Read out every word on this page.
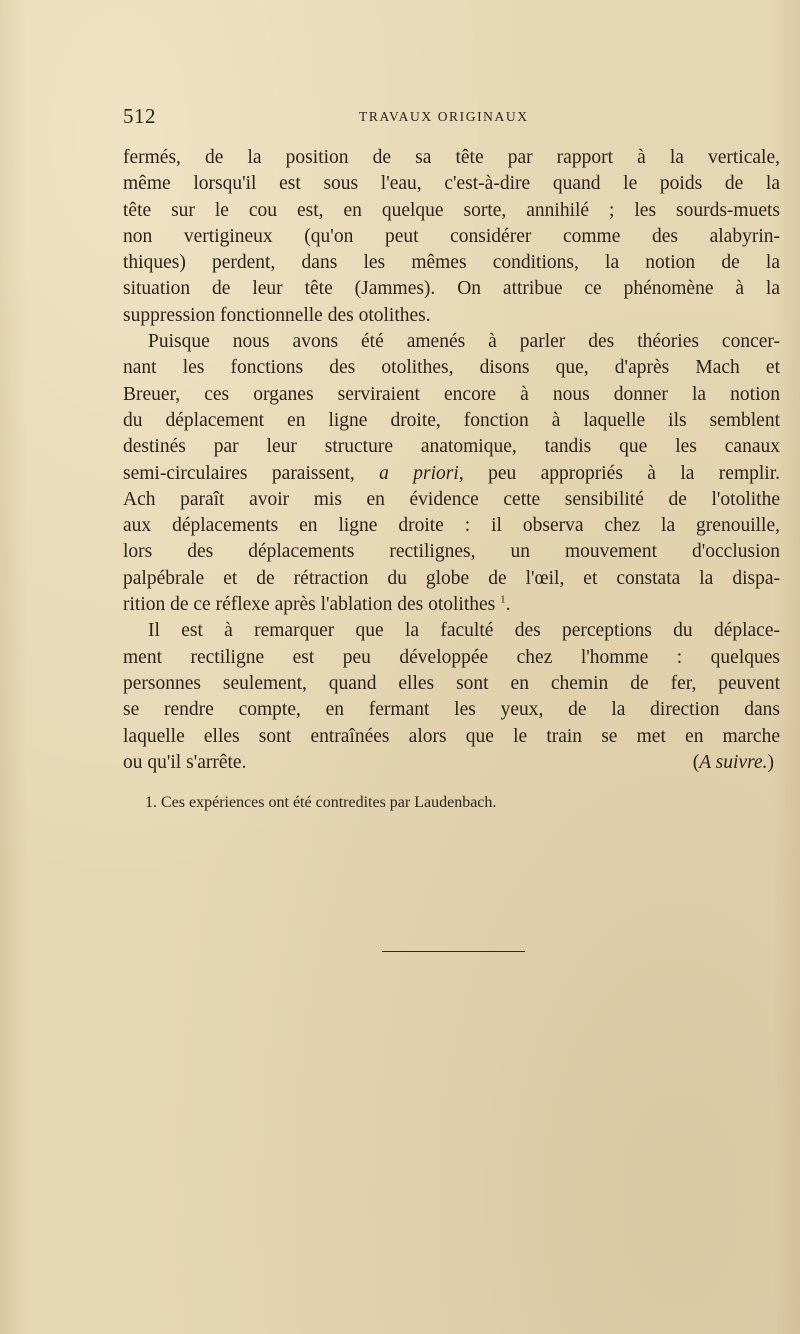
512	TRAVAUX ORIGINAUX
fermés, de la position de sa tête par rapport à la verticale,
même lorsqu'il est sous l'eau, c'est-à-dire quand le poids de la
tête sur le cou est, en quelque sorte, annihilé ; les sourds-muets
non vertigineux (qu'on peut considérer comme des alabyrin-
thiques) perdent, dans les mêmes conditions, la notion de la
situation de leur tête (Jammes). On attribue ce phénomène à la
suppression fonctionnelle des otolithes.
Puisque nous avons été amenés à parler des théories concer-
nant les fonctions des otolithes, disons que, d'après Mach et
Breuer, ces organes serviraient encore à nous donner la notion
du déplacement en ligne droite, fonction à laquelle ils semblent
destinés par leur structure anatomique, tandis que les canaux
semi-circulaires paraissent, a priori, peu appropriés à la remplir.
Ach paraît avoir mis en évidence cette sensibilité de l'otolithe
aux déplacements en ligne droite : il observa chez la grenouille,
lors des déplacements rectilignes, un mouvement d'occlusion
palpébrale et de rétraction du globe de l'œil, et constata la dispa-
rition de ce réflexe après l'ablation des otolithes $^1$.
Il est à remarquer que la faculté des perceptions du déplace-
ment rectiligne est peu développée chez l'homme : quelques
personnes seulement, quand elles sont en chemin de fer, peuvent
se rendre compte, en fermant les yeux, de la direction dans
laquelle elles sont entraînées alors que le train se met en marche
ou qu'il s'arrête.	(A suivre.)
1. Ces expériences ont été contredites par Laudenbach.
